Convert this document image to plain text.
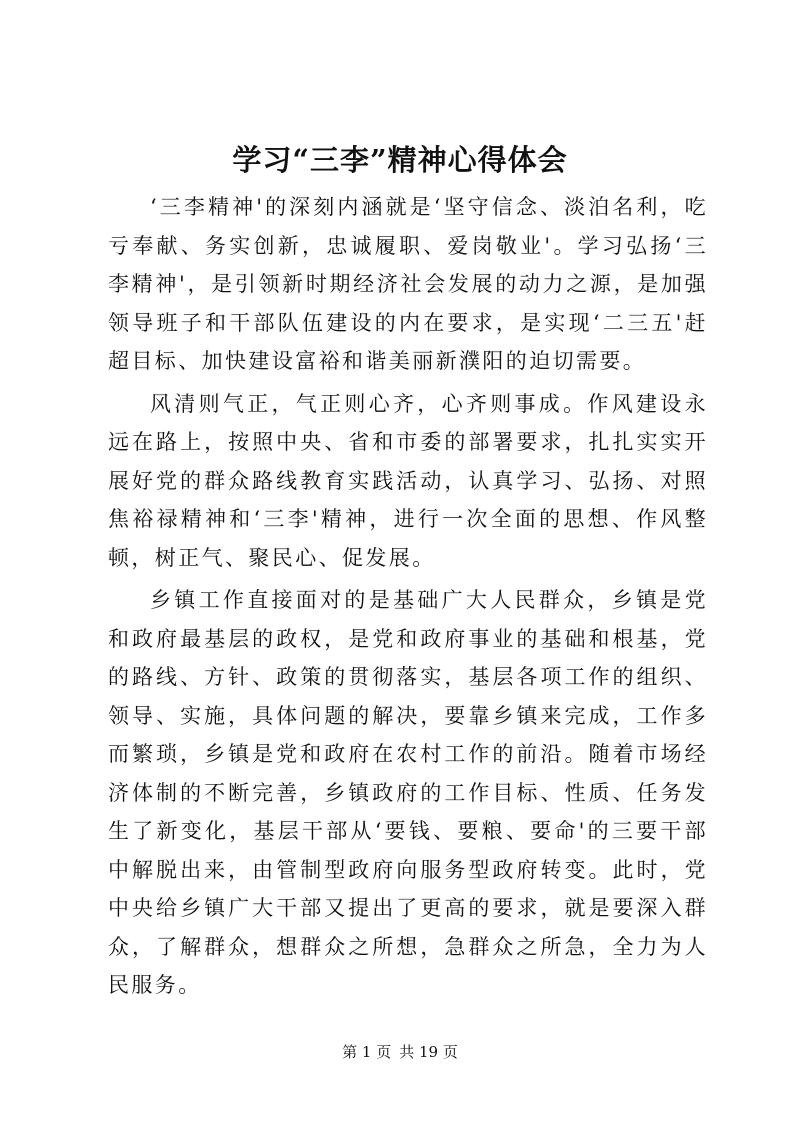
学习“三李”精神心得体会

‘三李精神'的深刻内涵就是‘坚守信念、淡泊名利，吃亏奉献、务实创新，忠诚履职、爱岗敬业'。学习弘扬‘三李精神'，是引领新时期经济社会发展的动力之源，是加强领导班子和干部队伍建设的内在要求，是实现‘二三五'赶超目标、加快建设富裕和谐美丽新濮阳的迫切需要。

风清则气正，气正则心齐，心齐则事成。作风建设永远在路上，按照中央、省和市委的部署要求，扎扎实实开展好党的群众路线教育实践活动，认真学习、弘扬、对照焦裕禄精神和‘三李'精神，进行一次全面的思想、作风整顿，树正气、聚民心、促发展。

乡镇工作直接面对的是基础广大人民群众，乡镇是党和政府最基层的政权，是党和政府事业的基础和根基，党的路线、方针、政策的贯彻落实，基层各项工作的组织、领导、实施，具体问题的解决，要靠乡镇来完成，工作多而繁琐，乡镇是党和政府在农村工作的前沿。随着市场经济体制的不断完善，乡镇政府的工作目标、性质、任务发生了新变化，基层干部从‘要钱、要粮、要命'的三要干部中解脱出来，由管制型政府向服务型政府转变。此时，党中央给乡镇广大干部又提出了更高的要求，就是要深入群众，了解群众，想群众之所想，急群众之所急，全力为人民服务。

第 1 页 共 19 页
